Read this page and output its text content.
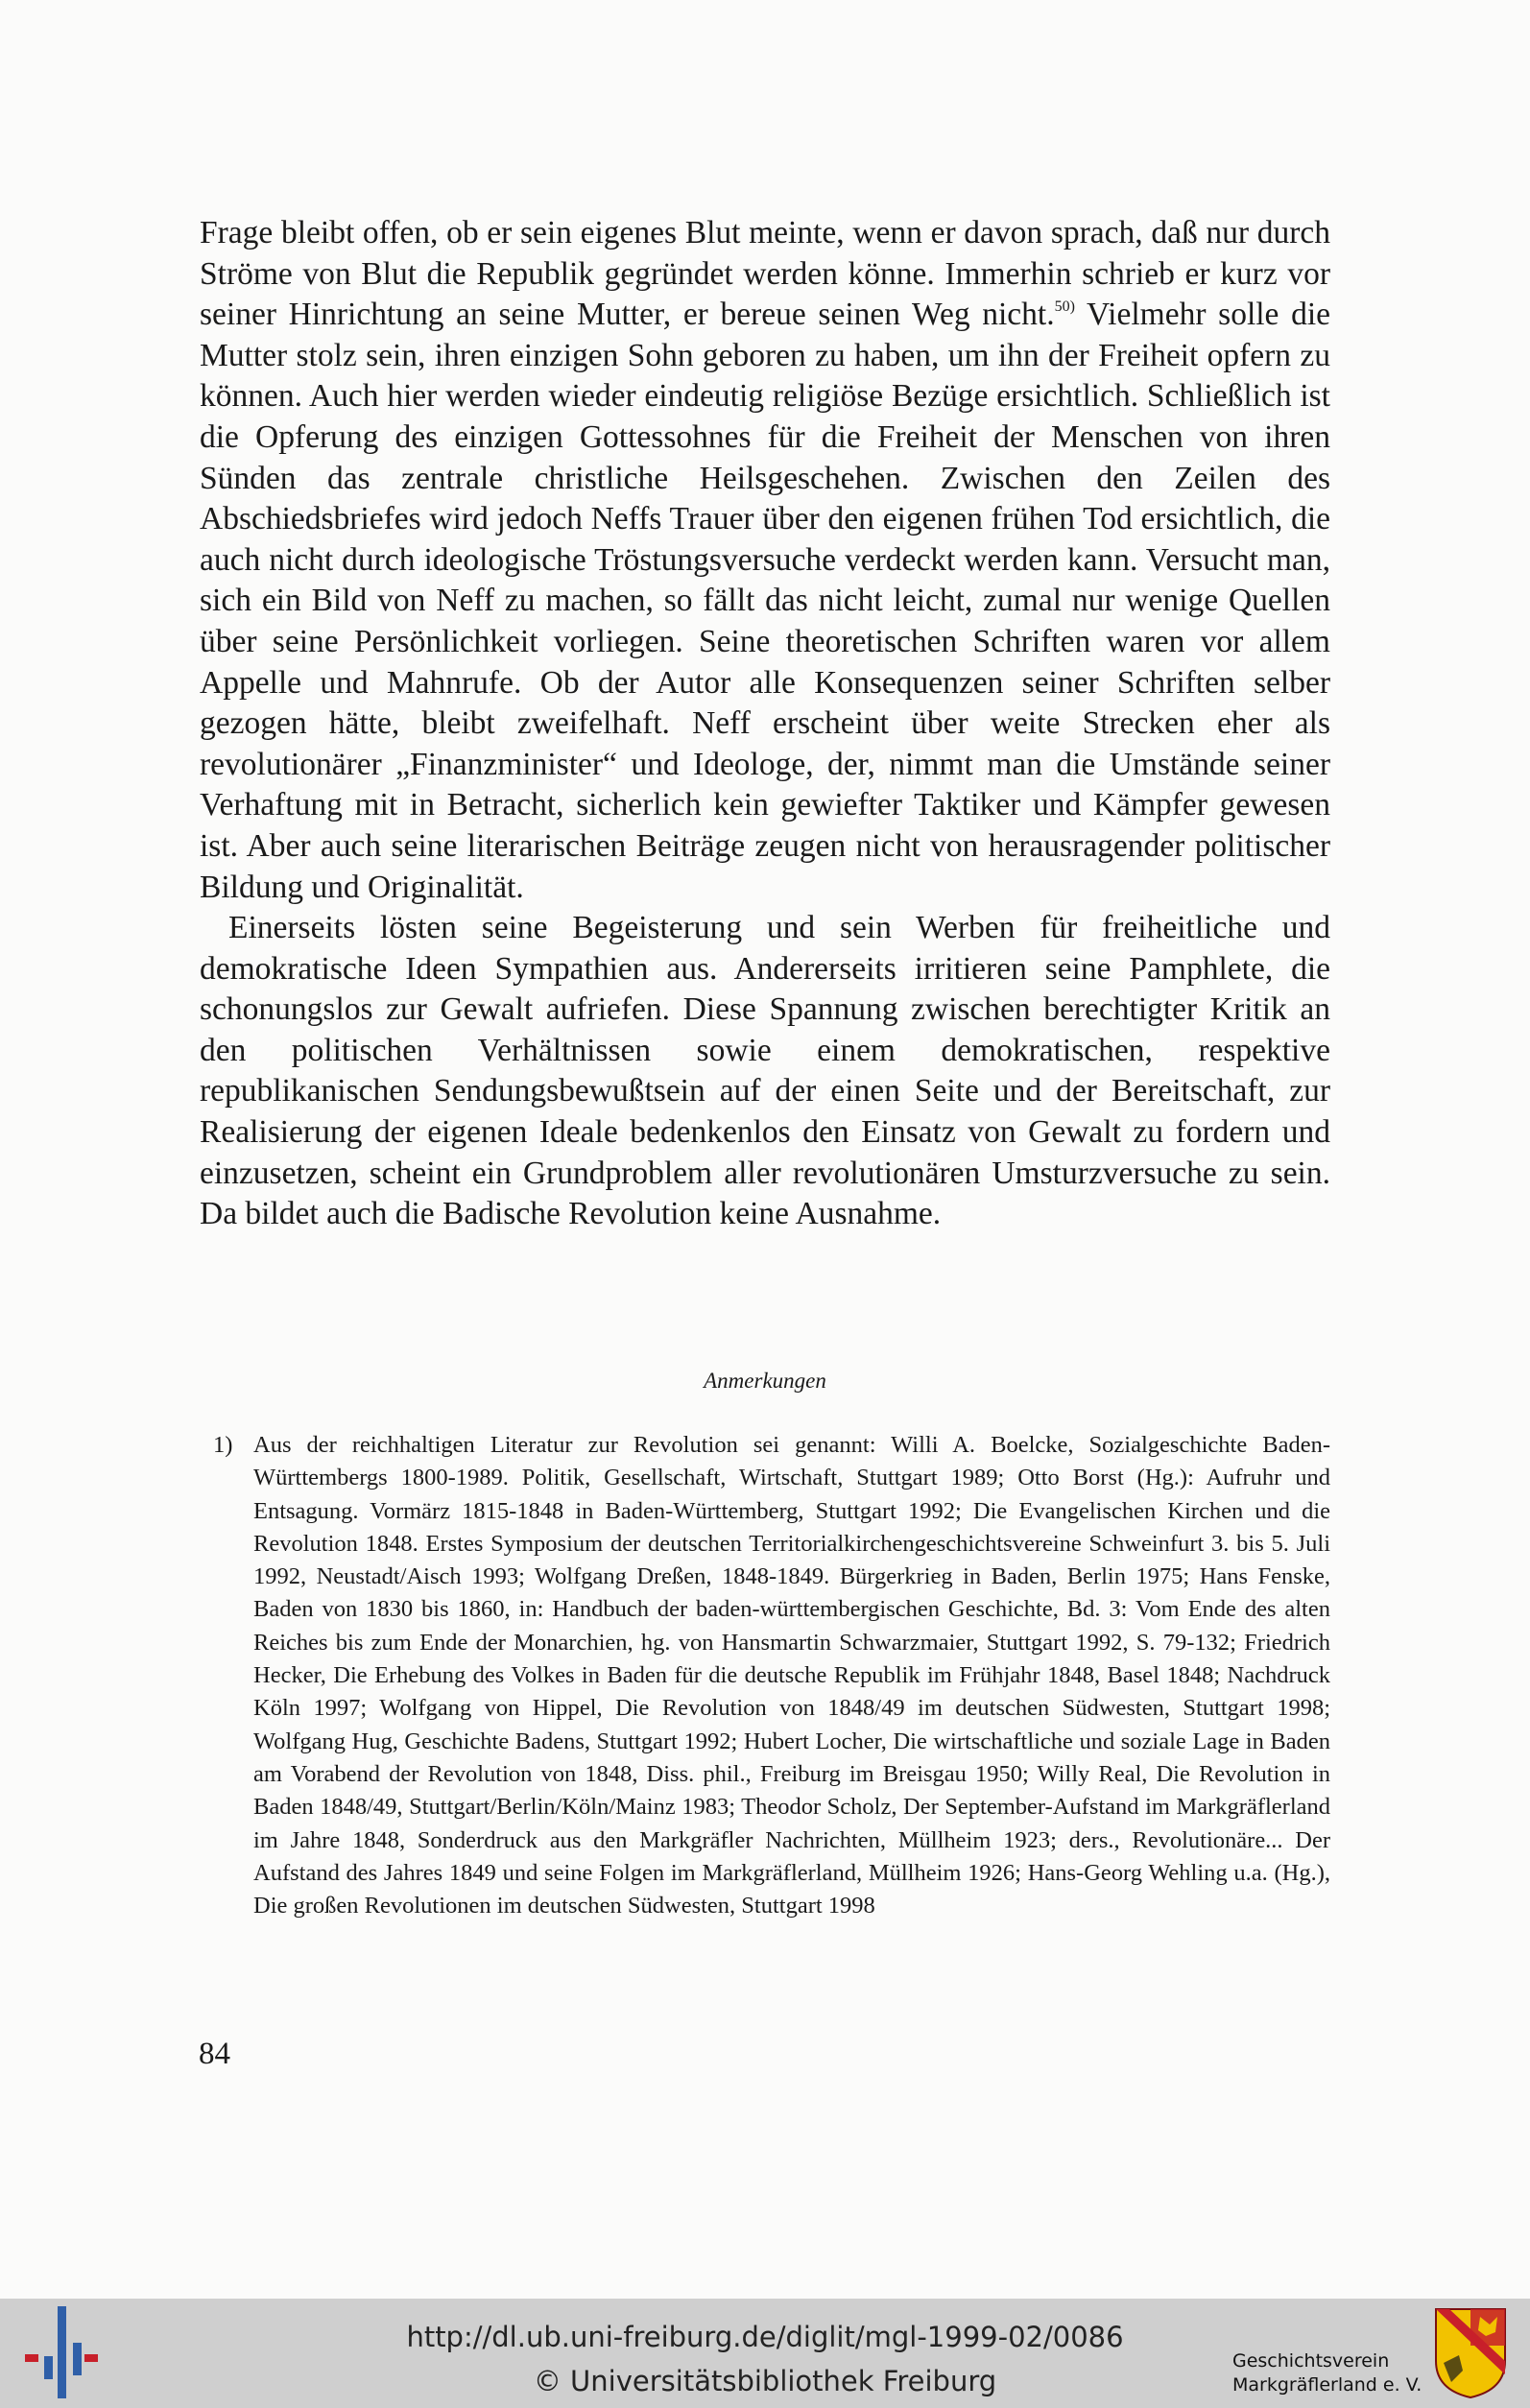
Frage bleibt offen, ob er sein eigenes Blut meinte, wenn er davon sprach, daß nur durch Ströme von Blut die Republik gegründet werden könne. Immerhin schrieb er kurz vor seiner Hinrichtung an seine Mutter, er bereue seinen Weg nicht.$^{50)}$ Vielmehr solle die Mutter stolz sein, ihren einzigen Sohn geboren zu haben, um ihn der Freiheit opfern zu können. Auch hier werden wieder eindeutig religiöse Bezüge ersichtlich. Schließlich ist die Opferung des einzigen Gottessohnes für die Freiheit der Menschen von ihren Sünden das zentrale christliche Heilsgeschehen. Zwischen den Zeilen des Abschiedsbriefes wird jedoch Neffs Trauer über den eigenen frühen Tod ersichtlich, die auch nicht durch ideologische Tröstungsversuche verdeckt werden kann. Versucht man, sich ein Bild von Neff zu machen, so fällt das nicht leicht, zumal nur wenige Quellen über seine Persönlichkeit vorliegen. Seine theoretischen Schriften waren vor allem Appelle und Mahnrufe. Ob der Autor alle Konsequenzen seiner Schriften selber gezogen hätte, bleibt zweifelhaft. Neff erscheint über weite Strecken eher als revolutionärer „Finanzminister“ und Ideologe, der, nimmt man die Umstände seiner Verhaftung mit in Betracht, sicherlich kein gewiefter Taktiker und Kämpfer gewesen ist. Aber auch seine literarischen Beiträge zeugen nicht von herausragender politischer Bildung und Originalität.

Einerseits lösten seine Begeisterung und sein Werben für freiheitliche und demokratische Ideen Sympathien aus. Andererseits irritieren seine Pamphlete, die schonungslos zur Gewalt aufriefen. Diese Spannung zwischen berechtigter Kritik an den politischen Verhältnissen sowie einem demokratischen, respektive republikanischen Sendungsbewußtsein auf der einen Seite und der Bereitschaft, zur Realisierung der eigenen Ideale bedenkenlos den Einsatz von Gewalt zu fordern und einzusetzen, scheint ein Grundproblem aller revolutionären Umsturzversuche zu sein. Da bildet auch die Badische Revolution keine Ausnahme.

Anmerkungen
1) Aus der reichhaltigen Literatur zur Revolution sei genannt: Willi A. Boelcke, Sozialgeschichte Baden-Württembergs 1800-1989. Politik, Gesellschaft, Wirtschaft, Stuttgart 1989; Otto Borst (Hg.): Aufruhr und Entsagung. Vormärz 1815-1848 in Baden-Württemberg, Stuttgart 1992; Die Evangelischen Kirchen und die Revolution 1848. Erstes Symposium der deutschen Territorialkirchengeschichtsvereine Schweinfurt 3. bis 5. Juli 1992, Neustadt/Aisch 1993; Wolfgang Dreßen, 1848-1849. Bürgerkrieg in Baden, Berlin 1975; Hans Fenske, Baden von 1830 bis 1860, in: Handbuch der baden-württembergischen Geschichte, Bd. 3: Vom Ende des alten Reiches bis zum Ende der Monarchien, hg. von Hansmartin Schwarzmaier, Stuttgart 1992, S. 79-132; Friedrich Hecker, Die Erhebung des Volkes in Baden für die deutsche Republik im Frühjahr 1848, Basel 1848; Nachdruck Köln 1997; Wolfgang von Hippel, Die Revolution von 1848/49 im deutschen Südwesten, Stuttgart 1998; Wolfgang Hug, Geschichte Badens, Stuttgart 1992; Hubert Locher, Die wirtschaftliche und soziale Lage in Baden am Vorabend der Revolution von 1848, Diss. phil., Freiburg im Breisgau 1950; Willy Real, Die Revolution in Baden 1848/49, Stuttgart/Berlin/Köln/Mainz 1983; Theodor Scholz, Der September-Aufstand im Markgräflerland im Jahre 1848, Sonderdruck aus den Markgräfler Nachrichten, Müllheim 1923; ders., Revolutionäre... Der Aufstand des Jahres 1849 und seine Folgen im Markgräflerland, Müllheim 1926; Hans-Georg Wehling u.a. (Hg.), Die großen Revolutionen im deutschen Südwesten, Stuttgart 1998
84
http://dl.ub.uni-freiburg.de/diglit/mgl-1999-02/0086
© Universitätsbibliothek Freiburg
Geschichtsverein
Markgräflerland e. V.
